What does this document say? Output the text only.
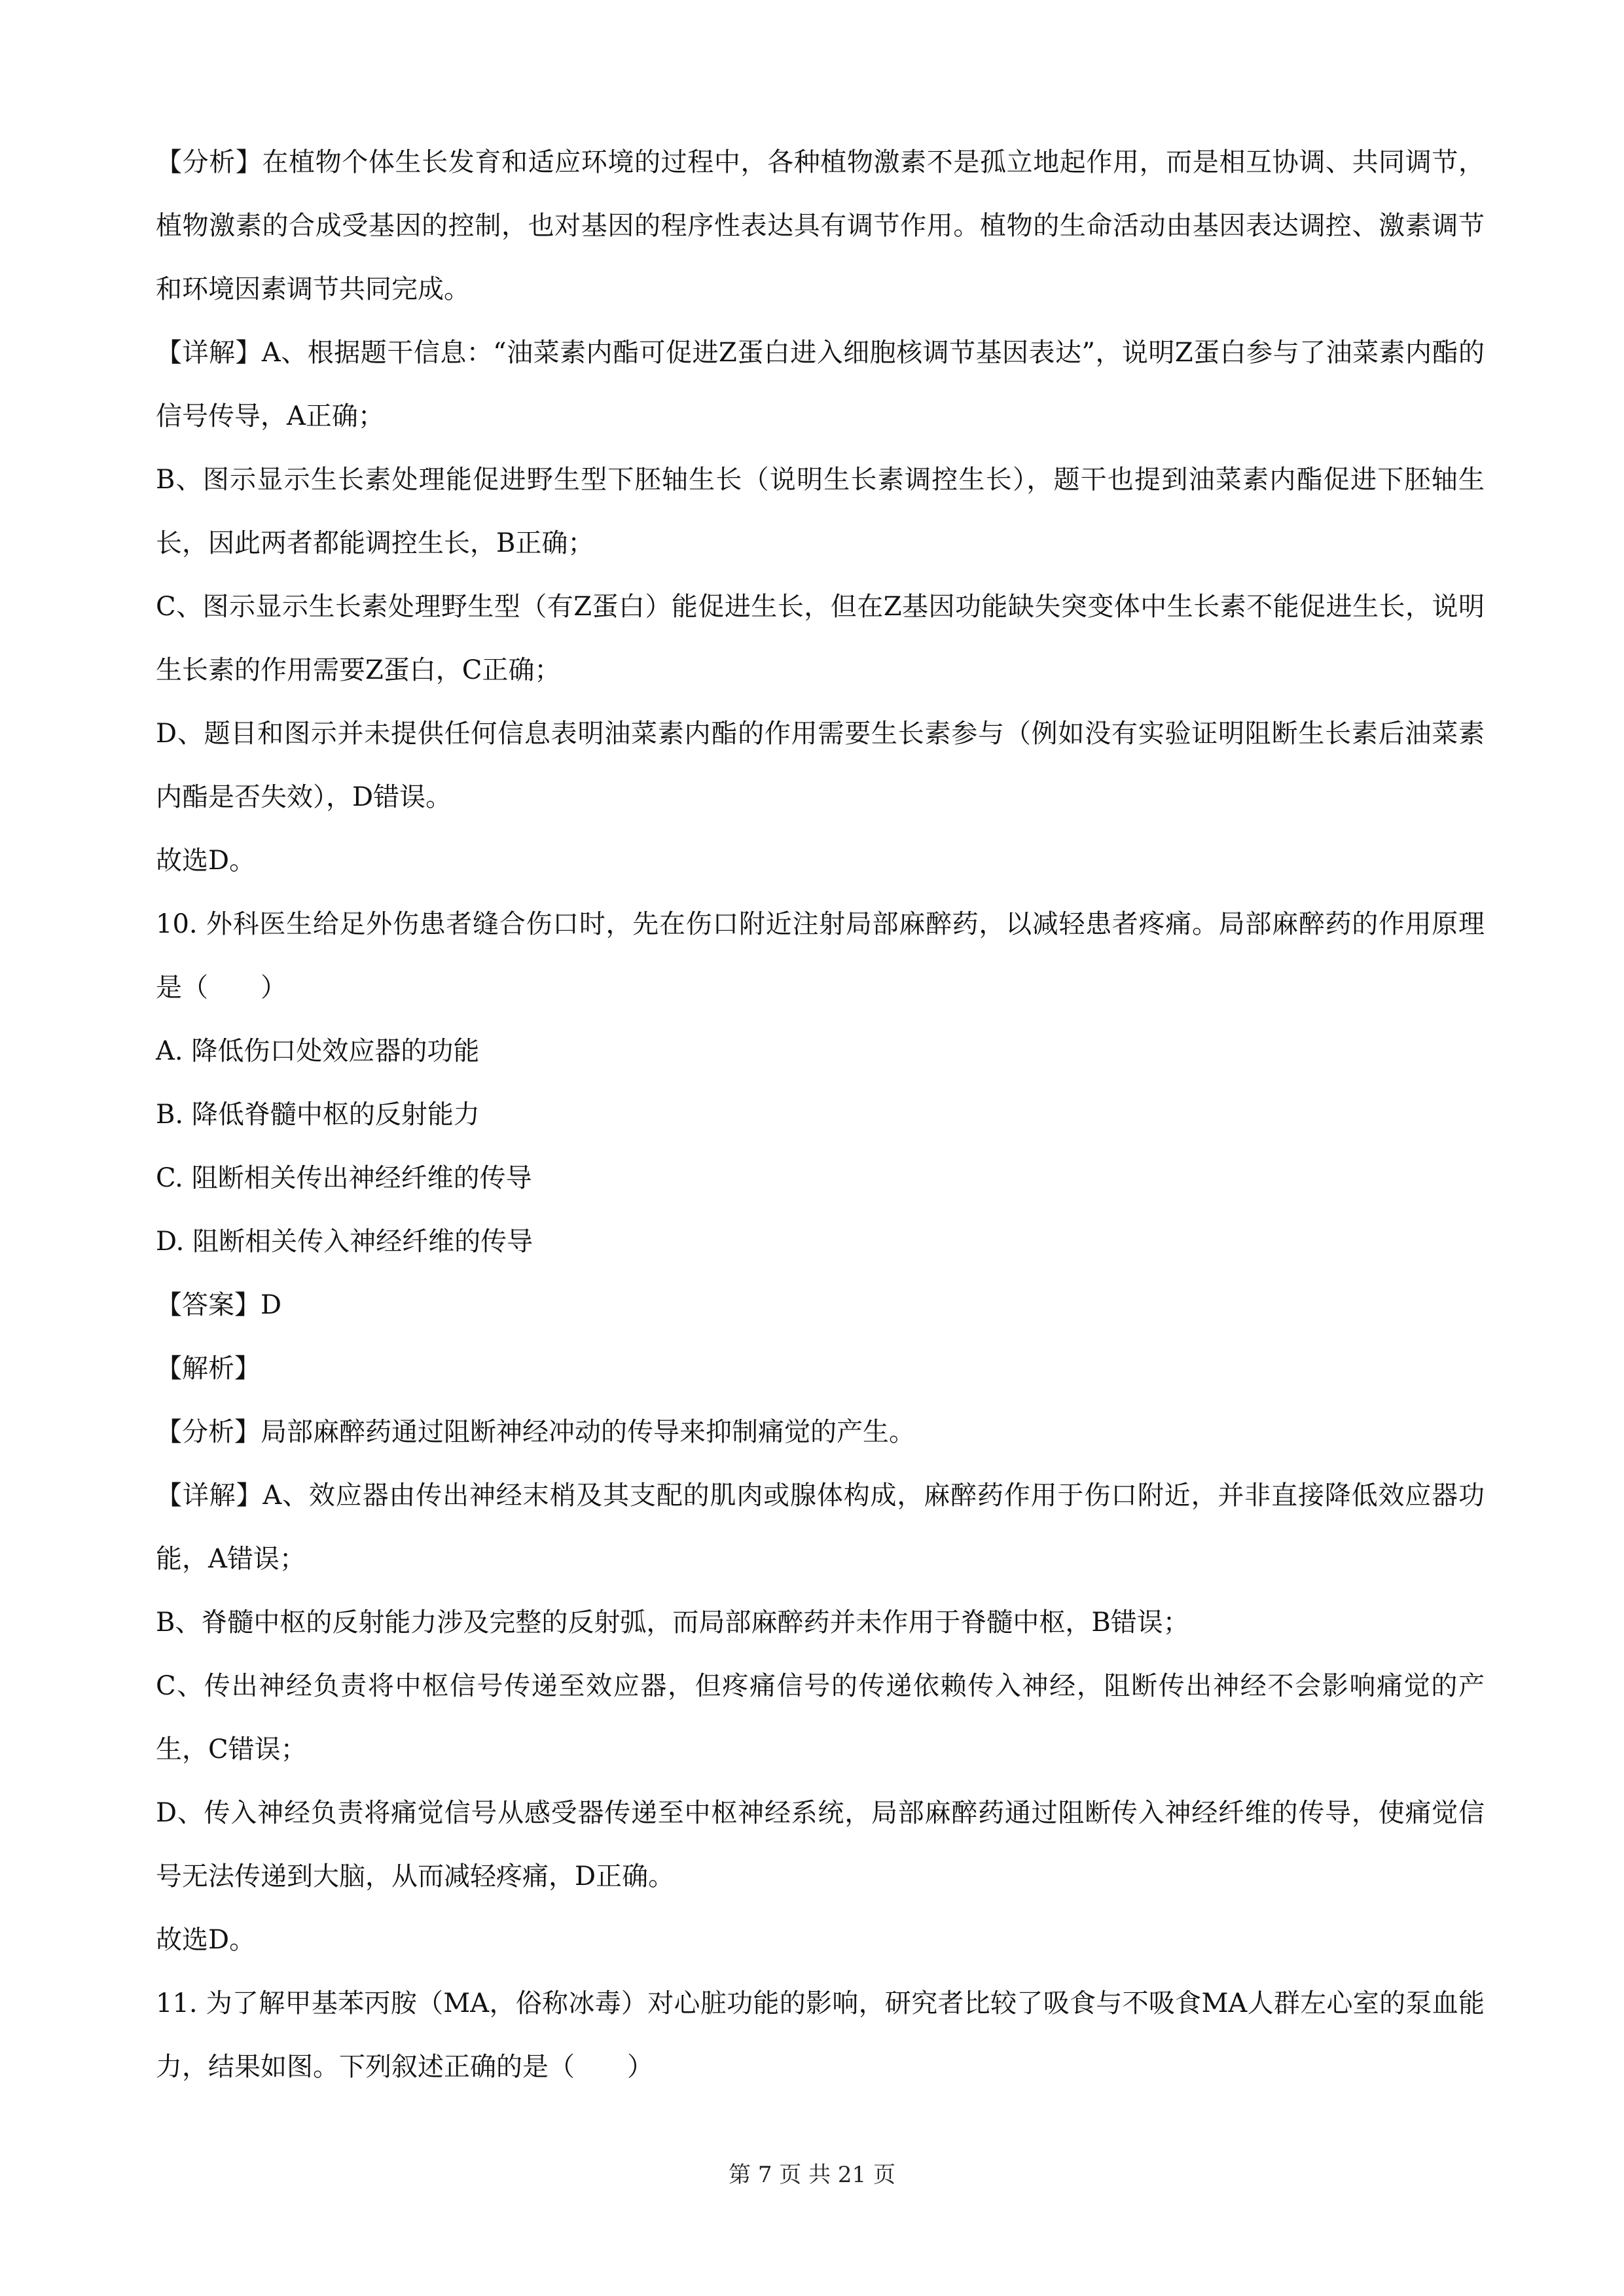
【分析】在植物个体生长发育和适应环境的过程中，各种植物激素不是孤立地起作用，而是相互协调、共同调节，植物激素的合成受基因的控制，也对基因的程序性表达具有调节作用。植物的生命活动由基因表达调控、激素调节和环境因素调节共同完成。

【详解】A、根据题干信息：“油菜素内酯可促进Z蛋白进入细胞核调节基因表达”，说明Z蛋白参与了油菜素内酯的信号传导，A正确；

B、图示显示生长素处理能促进野生型下胚轴生长（说明生长素调控生长），题干也提到油菜素内酯促进下胚轴生长，因此两者都能调控生长，B正确；

C、图示显示生长素处理野生型（有Z蛋白）能促进生长，但在Z基因功能缺失突变体中生长素不能促进生长，说明生长素的作用需要Z蛋白，C正确；

D、题目和图示并未提供任何信息表明油菜素内酯的作用需要生长素参与（例如没有实验证明阻断生长素后油菜素内酯是否失效），D错误。

故选D。

10. 外科医生给足外伤患者缝合伤口时，先在伤口附近注射局部麻醉药，以减轻患者疼痛。局部麻醉药的作用原理是（　　）

A. 降低伤口处效应器的功能

B. 降低脊髓中枢的反射能力

C. 阻断相关传出神经纤维的传导

D. 阻断相关传入神经纤维的传导

【答案】D

【解析】

【分析】局部麻醉药通过阻断神经冲动的传导来抑制痛觉的产生。

【详解】A、效应器由传出神经末梢及其支配的肌肉或腺体构成，麻醉药作用于伤口附近，并非直接降低效应器功能，A错误；

B、脊髓中枢的反射能力涉及完整的反射弧，而局部麻醉药并未作用于脊髓中枢，B错误；

C、传出神经负责将中枢信号传递至效应器，但疼痛信号的传递依赖传入神经，阻断传出神经不会影响痛觉的产生，C错误；

D、传入神经负责将痛觉信号从感受器传递至中枢神经系统，局部麻醉药通过阻断传入神经纤维的传导，使痛觉信号无法传递到大脑，从而减轻疼痛，D正确。

故选D。

11. 为了解甲基苯丙胺（MA，俗称冰毒）对心脏功能的影响，研究者比较了吸食与不吸食MA人群左心室的泵血能力，结果如图。下列叙述正确的是（　　）

第 7 页 共 21 页
